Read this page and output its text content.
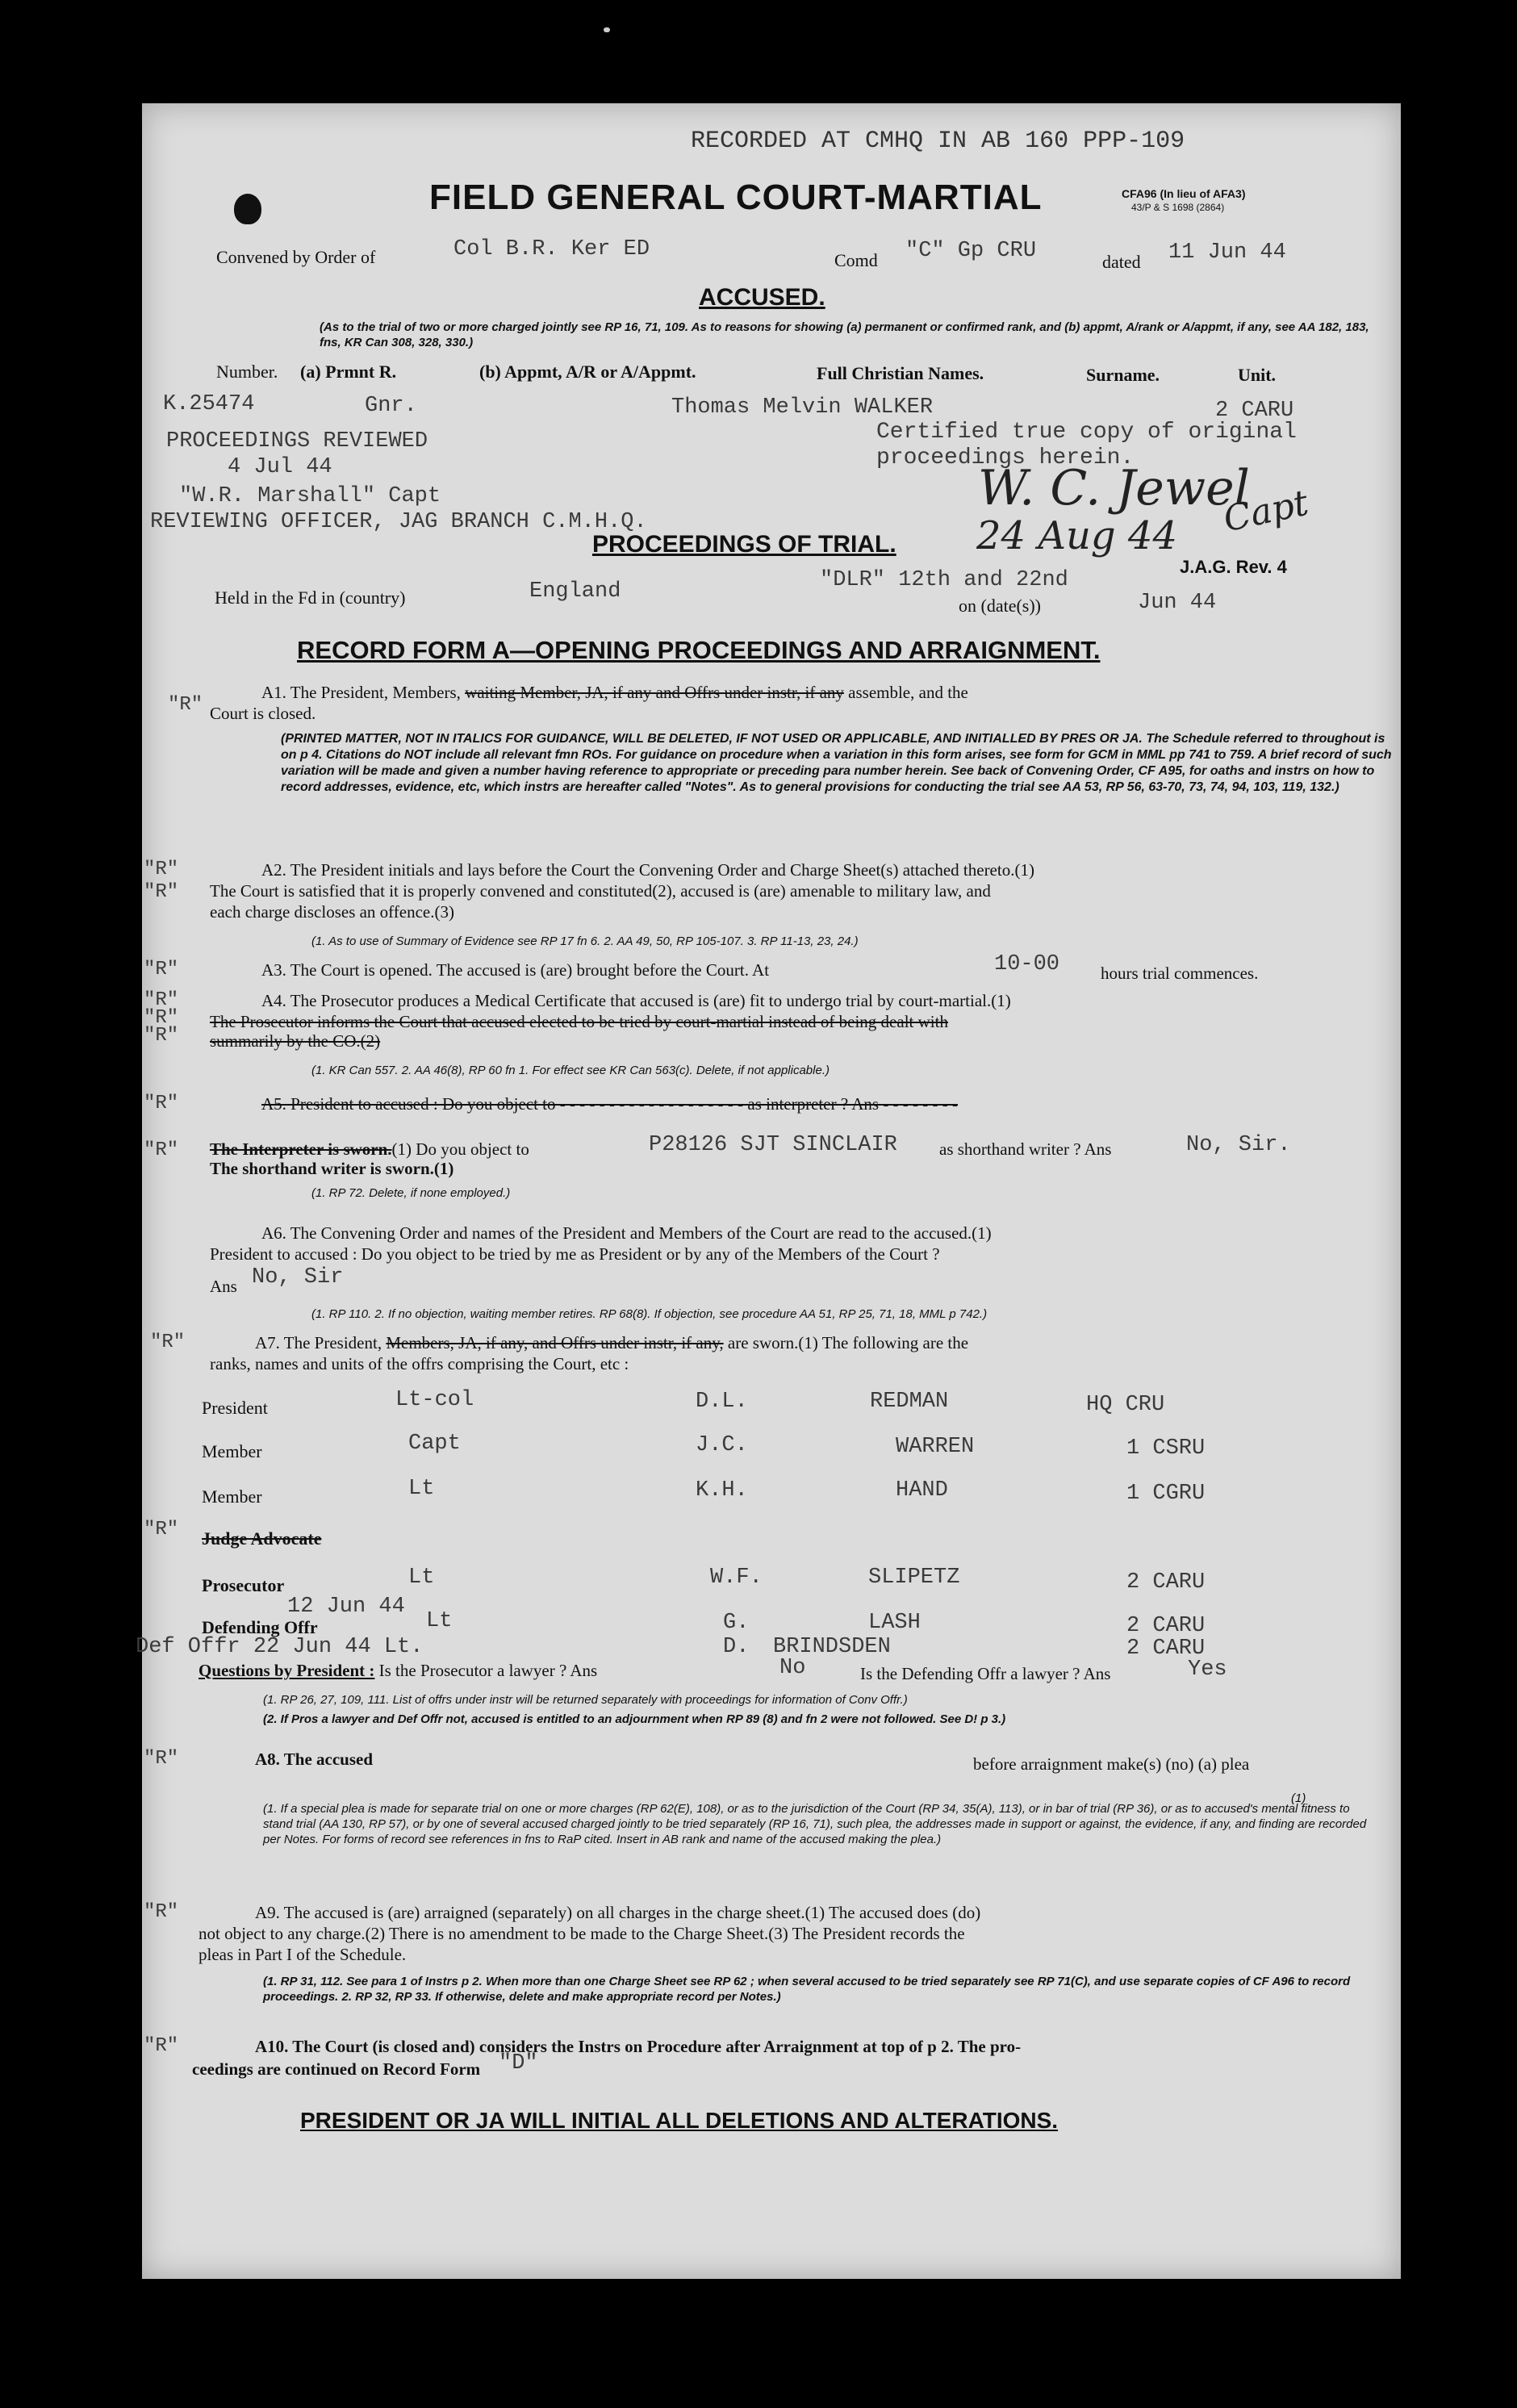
RECORDED AT CMHQ IN AB 160 PPP-109
FIELD GENERAL COURT-MARTIAL	CFA96 (In lieu of AFA3)
43/P & S 1698 (2864)
Convened by Order of	Col B.R. Ker ED	Comd "C" Gp CRU	dated 11 Jun 44
ACCUSED.
(As to the trial of two or more charged jointly see RP 16, 71, 109. As to reasons for showing (a) permanent or confirmed rank, and (b) appmt, A/rank or A/appmt, if any, see AA 182, 183, fns, KR Can 308, 328, 330.)
Number. (a) Prmnt R.	(b) Appmt, A/R or A/Appmt.	Full Christian Names.	Surname.	Unit.
K.25474	Gnr.	Thomas Melvin WALKER	2 CARU
PROCEEDINGS REVIEWED
4 Jul 44
"W.R. Marshall" Capt
REVIEWING OFFICER, JAG BRANCH C.M.H.Q.
Certified true copy of original
proceedings herein.
W. C. Jewel
Capt
24 Aug 44
J.A.G. Rev. 4
PROCEEDINGS OF TRIAL.
Held in the Fd in (country)	England	"DLR" 12th and 22nd
on (date(s))	Jun 44
RECORD FORM A—OPENING PROCEEDINGS AND ARRAIGNMENT.
"R"
A1. The President, Members, waiting Member, JA, if any and Offrs under instr, if any assemble, and the
Court is closed.
(PRINTED MATTER, NOT IN ITALICS FOR GUIDANCE, WILL BE DELETED, IF NOT USED OR APPLICABLE, AND INITIALLED BY PRES OR JA. The Schedule referred to throughout is on p 4. Citations do NOT include all relevant fmn ROs. For guidance on procedure when a variation in this form arises, see form for GCM in MML pp 741 to 759. A brief record of such variation will be made and given a number having reference to appropriate or preceding para number herein. See back of Convening Order, CF A95, for oaths and instrs on how to record addresses, evidence, etc, which instrs are hereafter called "Notes". As to general provisions for conducting the trial see AA 53, RP 56, 63-70, 73, 74, 94, 103, 119, 132.)
"R"
"R"
A2. The President initials and lays before the Court the Convening Order and Charge Sheet(s) attached thereto.(1)
The Court is satisfied that it is properly convened and constituted(2), accused is (are) amenable to military law, and
each charge discloses an offence.(3)
(1. As to use of Summary of Evidence see RP 17 fn 6. 2. AA 49, 50, RP 105-107. 3. RP 11-13, 23, 24.)
"R"	A3. The Court is opened. The accused is (are) brought before the Court. At	10-00 hours trial commences.
"R"
"R"
"R"
A4. The Prosecutor produces a Medical Certificate that accused is (are) fit to undergo trial by court-martial.(1)
The Prosecutor informs the Court that accused elected to be tried by court-martial instead of being dealt with
summarily by the CO.(2)
(1. KR Can 557. 2. AA 46(8), RP 60 fn 1. For effect see KR Can 563(c). Delete, if not applicable.)
"R"	A5. President to accused : Do you object to - - - - - - - - - - - - - - - - - - - as interpreter ? Ans - - - - - - - -
"R" The Interpreter is sworn.(1) Do you object to	P28126 SJT SINCLAIR as shorthand writer ? Ans	No, Sir.
The shorthand writer is sworn.(1)
(1. RP 72. Delete, if none employed.)
A6. The Convening Order and names of the President and Members of the Court are read to the accused.(1)
President to accused : Do you object to be tried by me as President or by any of the Members of the Court ?
Ans No, Sir
(1. RP 110. 2. If no objection, waiting member retires. RP 68(8). If objection, see procedure AA 51, RP 25, 71, 18, MML p 742.)
"R"	A7. The President, Members, JA, if any, and Offrs under instr, if any, are sworn.(1) The following are the
ranks, names and units of the offrs comprising the Court, etc :
President	Lt-col	D.L.	REDMAN	HQ CRU
Member	Capt	J.C.	WARREN	1 CSRU
Member	Lt	K.H.	HAND	1 CGRU
"R" Judge Advocate
Prosecutor	Lt	W.F.	SLIPETZ	2 CARU
12 Jun 44
Defending Offr	Lt	G.	LASH	2 CARU
Def Offr 22 Jun 44 Lt.	D. BRINDSDEN	2 CARU
Questions by President : Is the Prosecutor a lawyer ? Ans	No	Is the Defending Offr a lawyer ? Ans	Yes
(1. RP 26, 27, 109, 111. List of offrs under instr will be returned separately with proceedings for information of Conv Offr.)
(2. If Pros a lawyer and Def Offr not, accused is entitled to an adjournment when RP 89 (8) and fn 2 were not followed. See D! p 3.)
"R"	A8. The accused	before arraignment make(s) (no) (a) plea
(1)
(1. If a special plea is made for separate trial on one or more charges (RP 62(E), 108), or as to the jurisdiction of the Court (RP 34, 35(A), 113), or in bar of trial (RP 36), or as to accused's mental fitness to stand trial (AA 130, RP 57), or by one of several accused charged jointly to be tried separately (RP 16, 71), such plea, the addresses made in support or against, the evidence, if any, and finding are recorded per Notes. For forms of record see references in fns to RaP cited. Insert in AB rank and name of the accused making the plea.)
"R"	A9. The accused is (are) arraigned (separately) on all charges in the charge sheet.(1) The accused does (do)
not object to any charge.(2) There is no amendment to be made to the Charge Sheet.(3) The President records the
pleas in Part I of the Schedule.
(1. RP 31, 112. See para 1 of Instrs p 2. When more than one Charge Sheet see RP 62 ; when several accused to be tried separately see RP 71(C), and use separate copies of CF A96 to record proceedings. 2. RP 32, RP 33. If otherwise, delete and make appropriate record per Notes.)
"R"	A10. The Court (is closed and) considers the Instrs on Procedure after Arraignment at top of p 2. The pro-
ceedings are continued on Record Form "D"
PRESIDENT OR JA WILL INITIAL ALL DELETIONS AND ALTERATIONS.
